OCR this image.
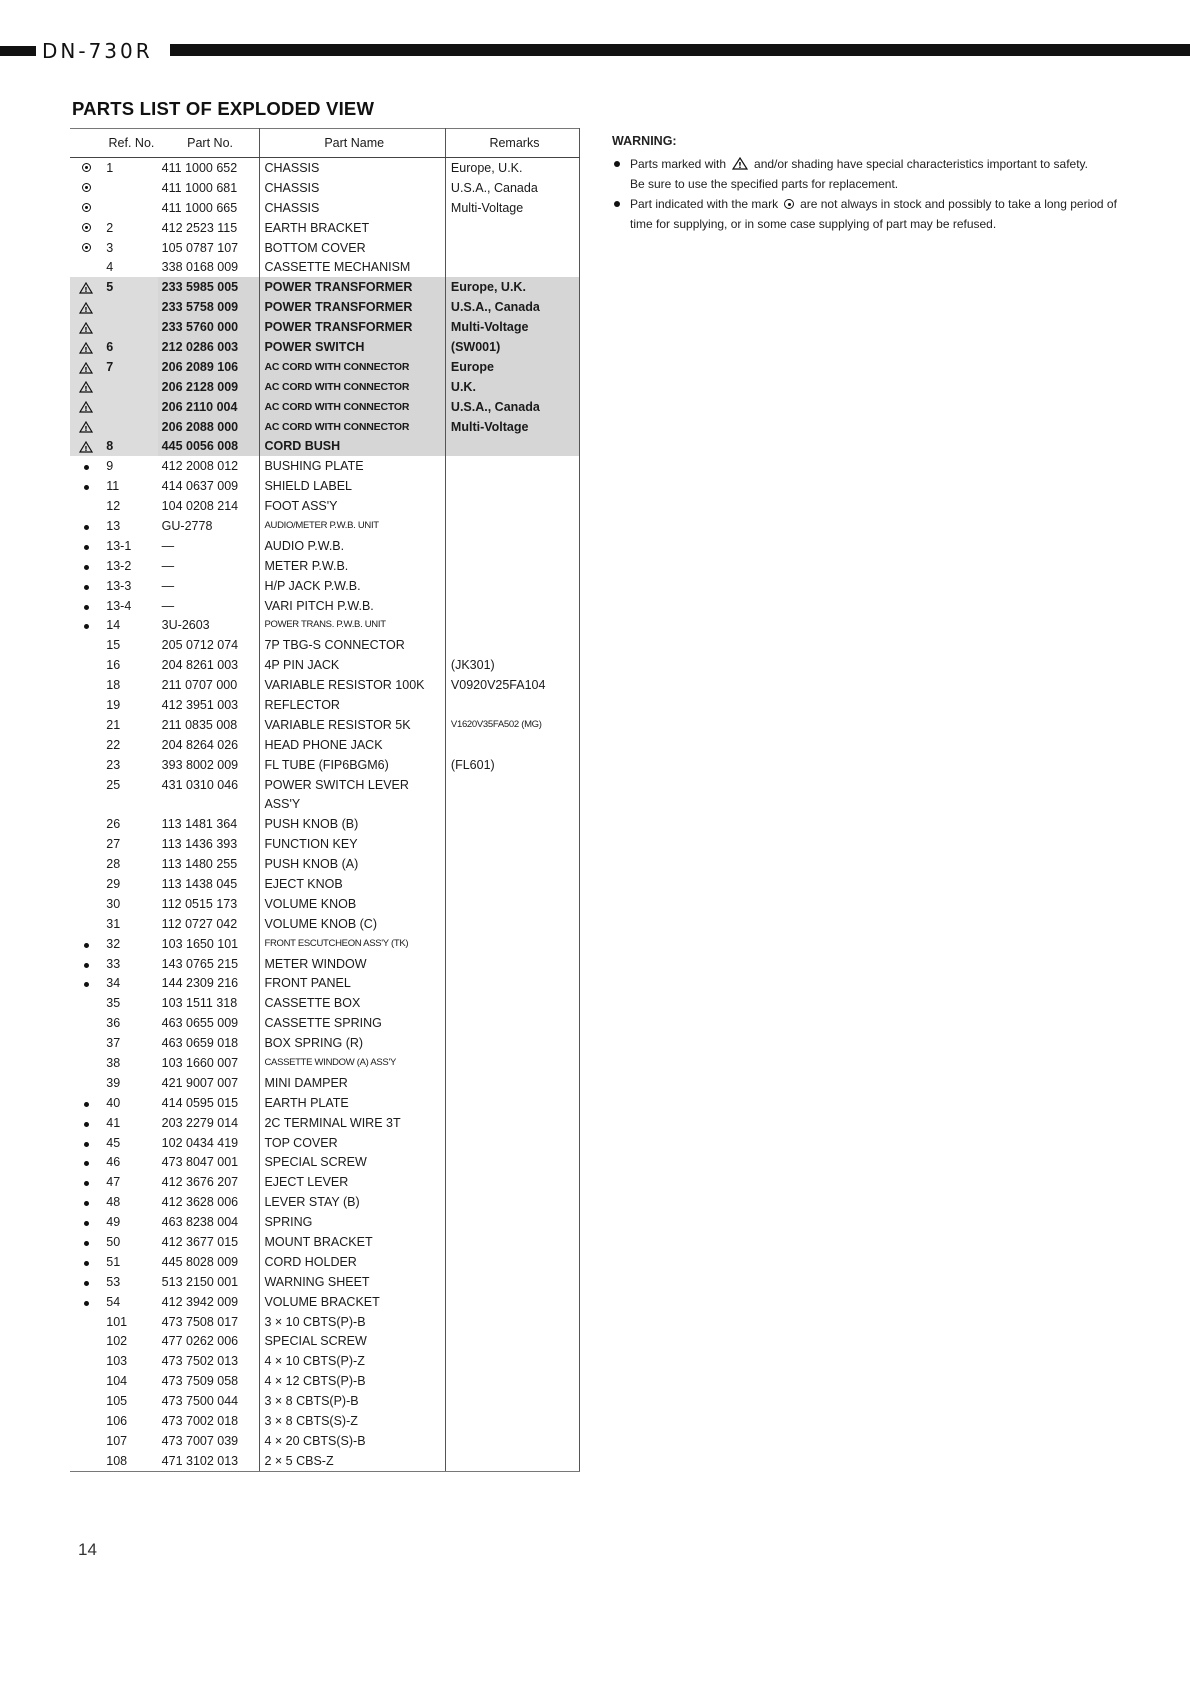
DN-730R
PARTS LIST OF EXPLODED VIEW
	Ref. No.	Part No.	Part Name	Remarks
	1	411 1000 652	CHASSIS	Europe, U.K.
		411 1000 681	CHASSIS	U.S.A., Canada
		411 1000 665	CHASSIS	Multi-Voltage
	2	412 2523 115	EARTH BRACKET	
	3	105 0787 107	BOTTOM COVER	
	4	338 0168 009	CASSETTE MECHANISM	

!	5	233 5985 005	POWER TRANSFORMER	Europe, U.K.

!		233 5758 009	POWER TRANSFORMER	U.S.A., Canada

!		233 5760 000	POWER TRANSFORMER	Multi-Voltage

!	6	212 0286 003	POWER SWITCH	(SW001)

!	7	206 2089 106	AC CORD WITH CONNECTOR	Europe

!		206 2128 009	AC CORD WITH CONNECTOR	U.K.

!		206 2110 004	AC CORD WITH CONNECTOR	U.S.A., Canada

!		206 2088 000	AC CORD WITH CONNECTOR	Multi-Voltage

!	8	445 0056 008	CORD BUSH	
	9	412 2008 012	BUSHING PLATE	
	11	414 0637 009	SHIELD LABEL	
	12	104 0208 214	FOOT ASS'Y	
	13	GU-2778	AUDIO/METER P.W.B. UNIT	
	13-1	—	AUDIO P.W.B.	
	13-2	—	METER P.W.B.	
	13-3	—	H/P JACK P.W.B.	
	13-4	—	VARI PITCH P.W.B.	
	14	3U-2603	POWER TRANS. P.W.B. UNIT	
	15	205 0712 074	7P TBG-S CONNECTOR	
	16	204 8261 003	4P PIN JACK	(JK301)
	18	211 0707 000	VARIABLE RESISTOR 100K	V0920V25FA104
	19	412 3951 003	REFLECTOR	
	21	211 0835 008	VARIABLE RESISTOR 5K	V1620V35FA502 (MG)
	22	204 8264 026	HEAD PHONE JACK	
	23	393 8002 009	FL TUBE (FIP6BGM6)	(FL601)
	25	431 0310 046	POWER SWITCH LEVER	
			ASS'Y	
	26	113 1481 364	PUSH KNOB (B)	
	27	113 1436 393	FUNCTION KEY	
	28	113 1480 255	PUSH KNOB (A)	
	29	113 1438 045	EJECT KNOB	
	30	112 0515 173	VOLUME KNOB	
	31	112 0727 042	VOLUME KNOB (C)	
	32	103 1650 101	FRONT ESCUTCHEON ASS'Y (TK)	
	33	143 0765 215	METER WINDOW	
	34	144 2309 216	FRONT PANEL	
	35	103 1511 318	CASSETTE BOX	
	36	463 0655 009	CASSETTE SPRING	
	37	463 0659 018	BOX SPRING (R)	
	38	103 1660 007	CASSETTE WINDOW (A) ASS'Y	
	39	421 9007 007	MINI DAMPER	
	40	414 0595 015	EARTH PLATE	
	41	203 2279 014	2C TERMINAL WIRE 3T	
	45	102 0434 419	TOP COVER	
	46	473 8047 001	SPECIAL SCREW	
	47	412 3676 207	EJECT LEVER	
	48	412 3628 006	LEVER STAY (B)	
	49	463 8238 004	SPRING	
	50	412 3677 015	MOUNT BRACKET	
	51	445 8028 009	CORD HOLDER	
	53	513 2150 001	WARNING SHEET	
	54	412 3942 009	VOLUME BRACKET	
	101	473 7508 017	3 × 10 CBTS(P)-B	
	102	477 0262 006	SPECIAL SCREW	
	103	473 7502 013	4 × 10 CBTS(P)-Z	
	104	473 7509 058	4 × 12 CBTS(P)-B	
	105	473 7500 044	3 × 8 CBTS(P)-B	
	106	473 7002 018	3 × 8 CBTS(S)-Z	
	107	473 7007 039	4 × 20 CBTS(S)-B	
	108	471 3102 013	2 × 5 CBS-Z	
WARNING:
Parts marked with ! and/or shading have special characteristics important to safety.
Be sure to use the specified parts for replacement.
Part indicated with the mark are not always in stock and possibly to take a long period of time for supplying, or in some case supplying of part may be refused.
14
